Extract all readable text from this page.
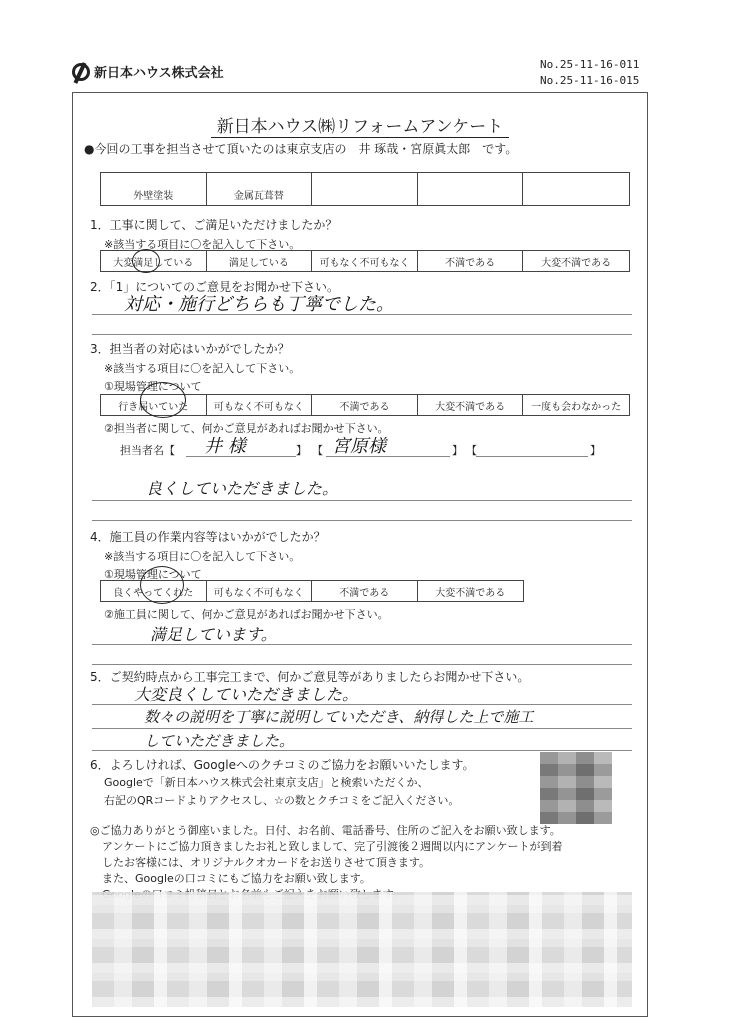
新日本ハウス株式会社
No.25-11-16-011
No.25-11-16-015
新日本ハウス㈱リフォームアンケート
●今回の工事を担当させて頂いたのは東京支店の　井 琢哉・宮原眞太郎　です。
外壁塗装	金属瓦葺替
1．工事に関して、ご満足いただけましたか？
※該当する項目に〇を記入して下さい。
大変満足している	満足している	可もなく不可もなく	不満である	大変不満である
2．「1」についてのご意見をお聞かせ下さい。
対応・施行どちらも丁寧でした。
3．担当者の対応はいかがでしたか？
※該当する項目に〇を記入して下さい。
①現場管理について
行き届いていた	可もなく不可もなく	不満である	大変不満である	一度も会わなかった
②担当者に関して、何かご意見があればお聞かせ下さい。
担当者名【 井 様	】 【 宮原様	】 【	】
良くしていただきました。
4．施工員の作業内容等はいかがでしたか？
※該当する項目に〇を記入して下さい。
①現場管理について
良くやってくれた	可もなく不可もなく	不満である	大変不満である
②施工員に関して、何かご意見があればお聞かせ下さい。
満足しています。
5．ご契約時点から工事完工まで、何かご意見等がありましたらお聞かせ下さい。
大変良くしていただきました。
数々の説明を丁寧に説明していただき、納得した上で施工
していただきました。
6．よろしければ、Googleへのクチコミのご協力をお願いいたします。
Googleで「新日本ハウス株式会社東京支店」と検索いただくか、
右記のQRコードよりアクセスし、☆の数とクチコミをご記入ください。
◎ご協力ありがとう御座いました。日付、お名前、電話番号、住所のご記入をお願い致します。
アンケートにご協力頂きましたお礼と致しまして、完了引渡後２週間以内にアンケートが到着
したお客様には、オリジナルクオカードをお送りさせて頂きます。
また、Googleの口コミにもご協力をお願い致します。
